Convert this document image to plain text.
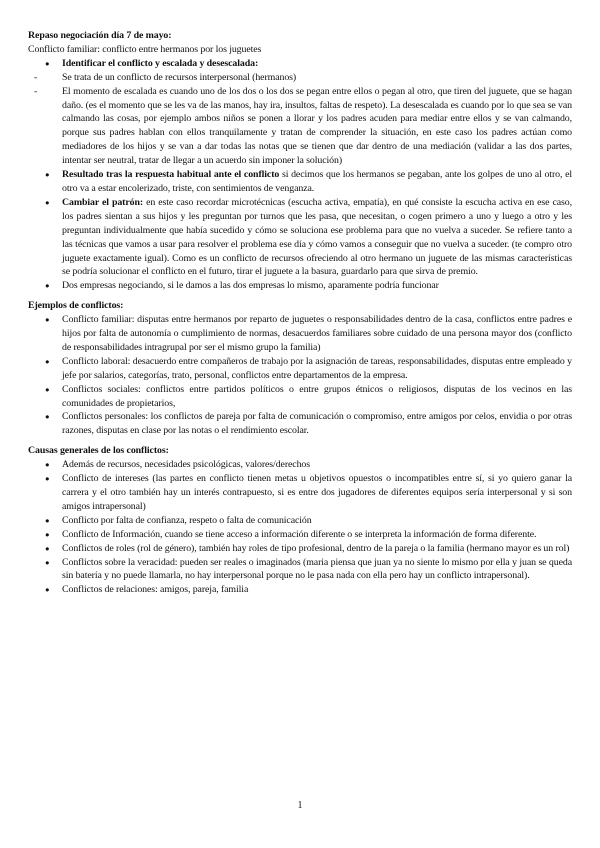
Repaso negociación día 7 de mayo:

Conflicto familiar: conflicto entre hermanos por los juguetes

● Identificar el conflicto y escalada y desescalada:
- Se trata de un conflicto de recursos interpersonal (hermanos)
- El momento de escalada es cuando uno de los dos o los dos se pegan entre ellos o pegan al otro, que tiren del juguete, que se hagan daño. (es el momento que se les va de las manos, hay ira, insultos, faltas de respeto). La desescalada es cuando por lo que sea se van calmando las cosas, por ejemplo ambos niños se ponen a llorar y los padres acuden para mediar entre ellos y se van calmando, porque sus padres hablan con ellos tranquilamente y tratan de comprender la situación, en este caso los padres actúan como mediadores de los hijos y se van a dar todas las notas que se tienen que dar dentro de una mediación (validar a las dos partes, intentar ser neutral, tratar de llegar a un acuerdo sin imponer la solución)
● Resultado tras la respuesta habitual ante el conflicto si decimos que los hermanos se pegaban, ante los golpes de uno al otro, el otro va a estar encolerizado, triste, con sentimientos de venganza.
● Cambiar el patrón: en este caso recordar microtécnicas (escucha activa, empatía), en qué consiste la escucha activa en ese caso, los padres sientan a sus hijos y les preguntan por turnos que les pasa, que necesitan, o cogen primero a uno y luego a otro y les preguntan individualmente que había sucedido y cómo se soluciona ese problema para que no vuelva a suceder. Se refiere tanto a las técnicas que vamos a usar para resolver el problema ese día y cómo vamos a conseguir que no vuelva a suceder. (te compro otro juguete exactamente igual). Como es un conflicto de recursos ofreciendo al otro hermano un juguete de las mismas características se podría solucionar el conflicto en el futuro, tirar el juguete a la basura, guardarlo para que sirva de premio.
● Dos empresas negociando, si le damos a las dos empresas lo mismo, aparamente podría funcionar

Ejemplos de conflictos:

● Conflicto familiar: disputas entre hermanos por reparto de juguetes o responsabilidades dentro de la casa, conflictos entre padres e hijos por falta de autonomía o cumplimiento de normas, desacuerdos familiares sobre cuidado de una persona mayor dos (conflicto de responsabilidades intragrupal por ser el mismo grupo la familia)
● Conflicto laboral: desacuerdo entre compañeros de trabajo por la asignación de tareas, responsabilidades, disputas entre empleado y jefe por salarios, categorías, trato, personal, conflictos entre departamentos de la empresa.
● Conflictos sociales: conflictos entre partidos políticos o entre grupos étnicos o religiosos, disputas de los vecinos en las comunidades de propietarios,
● Conflictos personales: los conflictos de pareja por falta de comunicación o compromiso, entre amigos por celos, envidia o por otras razones, disputas en clase por las notas o el rendimiento escolar.

Causas generales de los conflictos:

● Además de recursos, necesidades psicológicas, valores/derechos
● Conflicto de intereses (las partes en conflicto tienen metas u objetivos opuestos o incompatibles entre sí, si yo quiero ganar la carrera y el otro también hay un interés contrapuesto, si es entre dos jugadores de diferentes equipos sería interpersonal y si son amigos intrapersonal)
● Conflicto por falta de confianza, respeto o falta de comunicación
● Conflicto de Información, cuando se tiene acceso a información diferente o se interpreta la información de forma diferente.
● Conflictos de roles (rol de género), también hay roles de tipo profesional, dentro de la pareja o la familia (hermano mayor es un rol)
● Conflictos sobre la veracidad: pueden ser reales o imaginados (maria piensa que juan ya no siente lo mismo por ella y juan se queda sin batería y no puede llamarla, no hay interpersonal porque no le pasa nada con ella pero hay un conflicto intrapersonal).
● Conflictos de relaciones: amigos, pareja, familia
1
